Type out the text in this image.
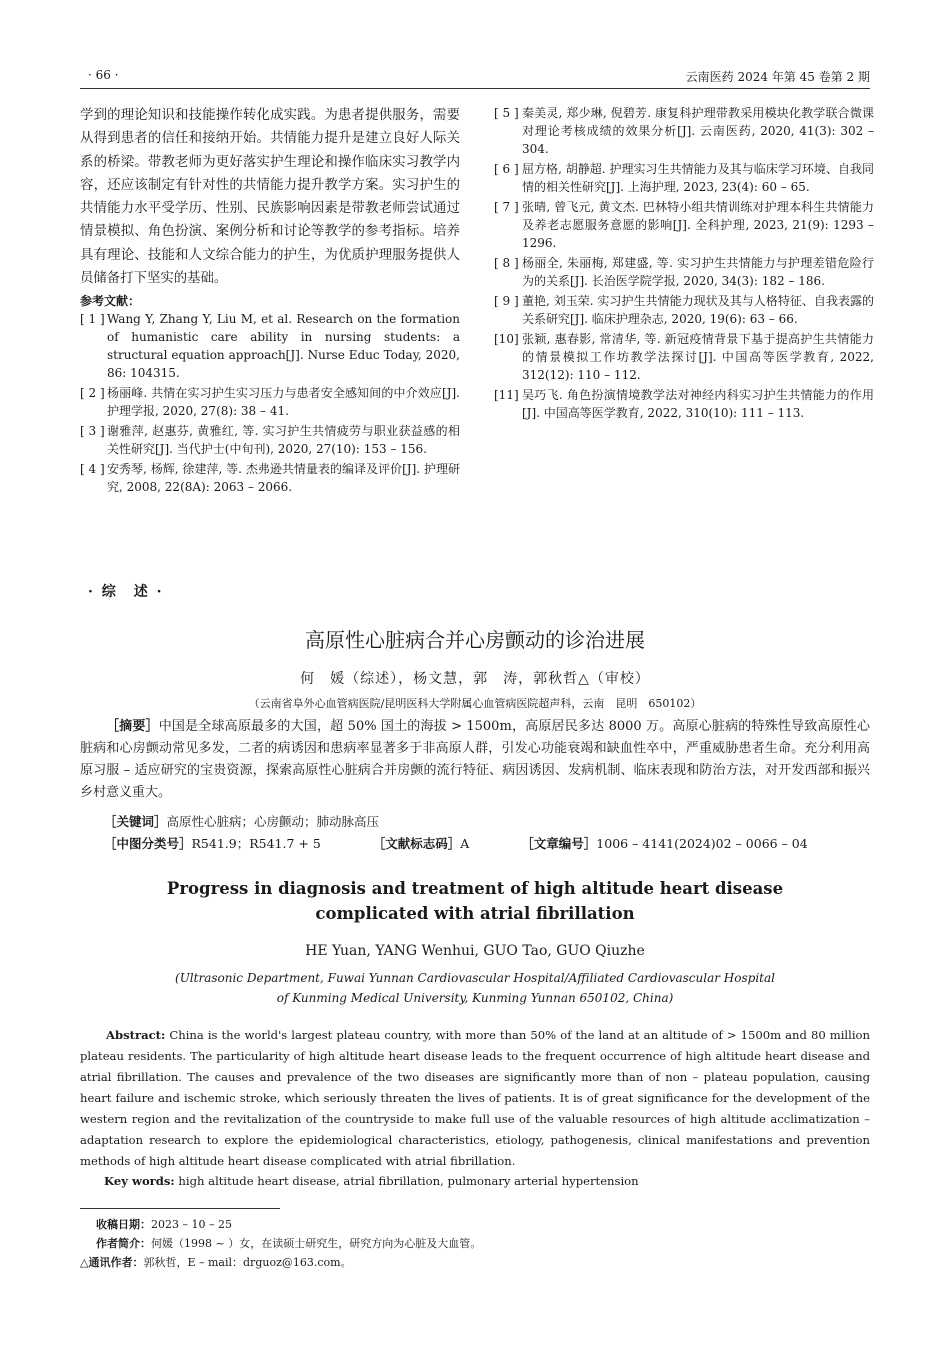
· 66 ·	云南医药 2024 年第 45 卷第 2 期

学到的理论知识和技能操作转化成实践。为患者提供服务，需要从得到患者的信任和接纳开始。共情能力提升是建立良好人际关系的桥梁。带教老师为更好落实护生理论和操作临床实习教学内容，还应该制定有针对性的共情能力提升教学方案。实习护生的共情能力水平受学历、性别、民族影响因素是带教老师尝试通过情景模拟、角色扮演、案例分析和讨论等教学的参考指标。培养具有理论、技能和人文综合能力的护生，为优质护理服务提供人员储备打下坚实的基础。

参考文献：
[ 1 ] Wang Y, Zhang Y, Liu M, et al. Research on the formation of humanistic care ability in nursing students: a structural equation approach[J]. Nurse Educ Today, 2020, 86: 104315.
[ 2 ] 杨丽峰. 共情在实习护生实习压力与患者安全感知间的中介效应[J]. 护理学报, 2020, 27(8): 38 – 41.
[ 3 ] 谢雅萍, 赵惠芬, 黄雅红, 等. 实习护生共情疲劳与职业获益感的相关性研究[J]. 当代护士(中旬刊), 2020, 27(10): 153 – 156.
[ 4 ] 安秀琴, 杨辉, 徐建萍, 等. 杰弗逊共情量表的编译及评价[J]. 护理研究, 2008, 22(8A): 2063 – 2066.
[ 5 ] 秦美灵, 郑少琳, 倪碧芳. 康复科护理带教采用模块化教学联合微课对理论考核成绩的效果分析[J]. 云南医药, 2020, 41(3): 302 – 304.
[ 6 ] 屈方格, 胡静超. 护理实习生共情能力及其与临床学习环境、自我同情的相关性研究[J]. 上海护理, 2023, 23(4): 60 – 65.
[ 7 ] 张晴, 曾飞元, 黄文杰. 巴林特小组共情训练对护理本科生共情能力及养老志愿服务意愿的影响[J]. 全科护理, 2023, 21(9): 1293 – 1296.
[ 8 ] 杨丽全, 朱丽梅, 郑建盛, 等. 实习护生共情能力与护理差错危险行为的关系[J]. 长治医学院学报, 2020, 34(3): 182 – 186.
[ 9 ] 董艳, 刘玉荣. 实习护生共情能力现状及其与人格特征、自我表露的关系研究[J]. 临床护理杂志, 2020, 19(6): 63 – 66.
[10] 张颖, 惠春影, 常清华, 等. 新冠疫情背景下基于提高护生共情能力的情景模拟工作坊教学法探讨[J]. 中国高等医学教育, 2022, 312(12): 110 – 112.
[11] 吴巧飞. 角色扮演情境教学法对神经内科实习护生共情能力的作用[J]. 中国高等医学教育, 2022, 310(10): 111 – 113.
· 综　述 ·
高原性心脏病合并心房颤动的诊治进展
何　媛（综述），杨文慧，郭　涛，郭秋哲△（审校）
（云南省阜外心血管病医院/昆明医科大学附属心血管病医院超声科，云南　昆明　650102）
［摘要］中国是全球高原最多的大国，超 50% 国土的海拔 > 1500m，高原居民多达 8000 万。高原心脏病的特殊性导致高原性心脏病和心房颤动常见多发，二者的病诱因和患病率显著多于非高原人群，引发心功能衰竭和缺血性卒中，严重威胁患者生命。充分利用高原习服 – 适应研究的宝贵资源，探索高原性心脏病合并房颤的流行特征、病因诱因、发病机制、临床表现和防治方法，对开发西部和振兴乡村意义重大。
［关键词］高原性心脏病；心房颤动；肺动脉高压
［中图分类号］R541.9；R541.7 + 5	［文献标志码］A	［文章编号］1006 – 4141(2024)02 – 0066 – 04
Progress in diagnosis and treatment of high altitude heart disease
complicated with atrial fibrillation
HE Yuan, YANG Wenhui, GUO Tao, GUO Qiuzhe
(Ultrasonic Department, Fuwai Yunnan Cardiovascular Hospital/Affiliated Cardiovascular Hospital
of Kunming Medical University, Kunming Yunnan 650102, China)
Abstract: China is the world's largest plateau country, with more than 50% of the land at an altitude of > 1500m and 80 million plateau residents. The particularity of high altitude heart disease leads to the frequent occurrence of high altitude heart disease and atrial fibrillation. The causes and prevalence of the two diseases are significantly more than of non – plateau population, causing heart failure and ischemic stroke, which seriously threaten the lives of patients. It is of great significance for the development of the western region and the revitalization of the countryside to make full use of the valuable resources of high altitude acclimatization – adaptation research to explore the epidemiological characteristics, etiology, pathogenesis, clinical manifestations and prevention methods of high altitude heart disease complicated with atrial fibrillation.
Key words: high altitude heart disease, atrial fibrillation, pulmonary arterial hypertension
收稿日期：2023 – 10 – 25
作者简介：何媛（1998 ~ ）女，在读硕士研究生，研究方向为心脏及大血管。
△通讯作者：郭秋哲，E – mail：drguoz@163.com。
